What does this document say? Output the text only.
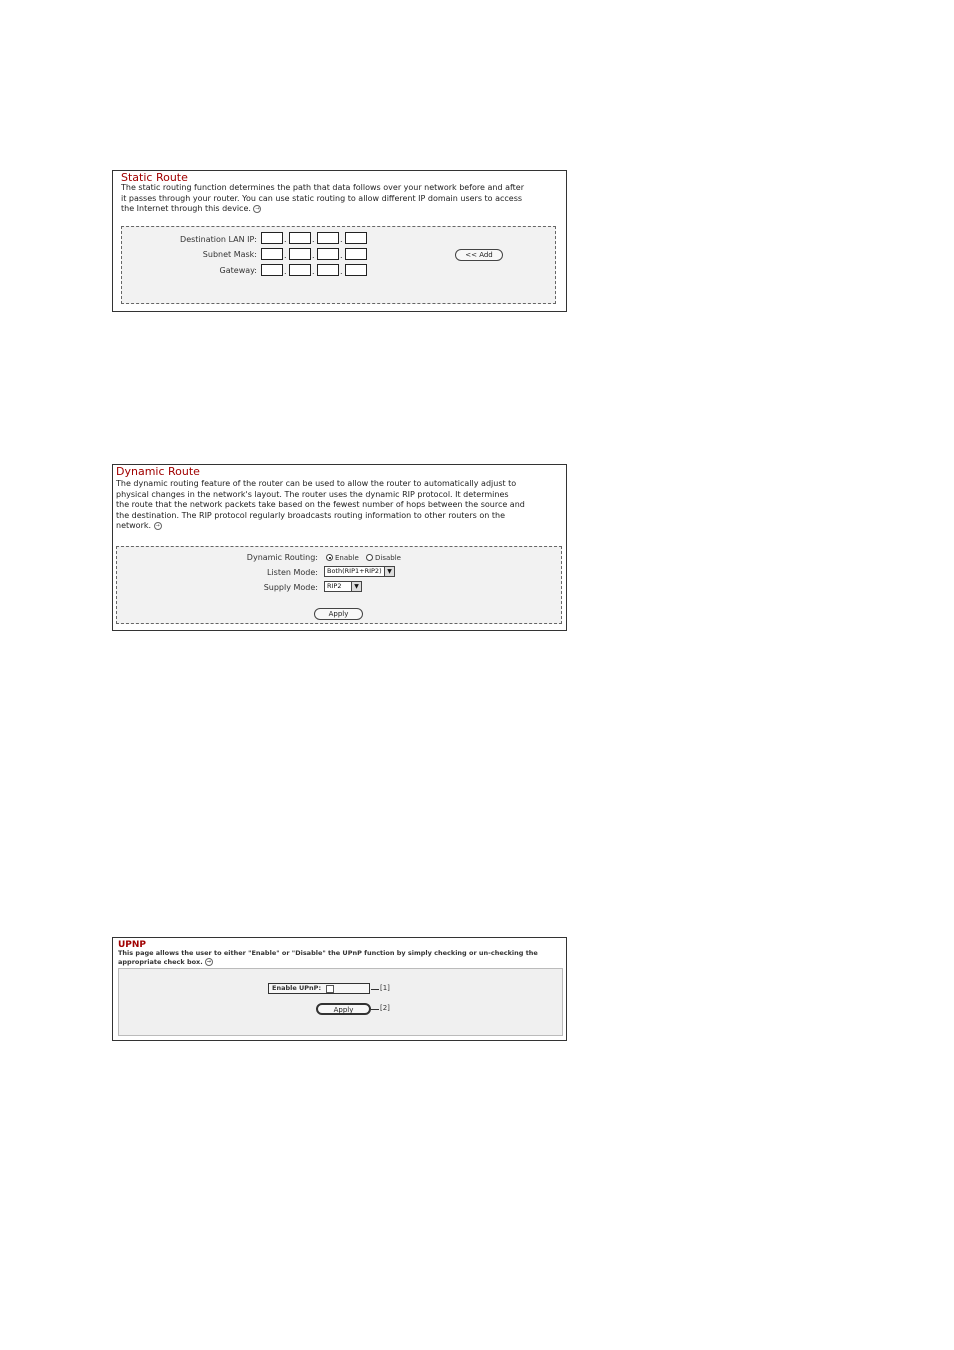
Static Route
The static routing function determines the path that data follows over your network before and after
it passes through your router. You can use static routing to allow different IP domain users to access
the Internet through this device. →
Destination LAN IP:	.	.	.
Subnet Mask:	.	.	.
Gateway:	.	.	.
<< Add
Dynamic Route
The dynamic routing feature of the router can be used to allow the router to automatically adjust to
physical changes in the network's layout. The router uses the dynamic RIP protocol. It determines
the route that the network packets take based on the fewest number of hops between the source and
the destination. The RIP protocol regularly broadcasts routing information to other routers on the
network. →
Dynamic Routing: Enable Disable
Listen Mode:	Both(RIP1+RIP2) ▼
Supply Mode:	RIP2	▼
Apply
UPNP
This page allows the user to either "Enable" or "Disable" the UPnP function by simply checking or un-checking the
appropriate check box. →
Enable UPnP:	[1]
Apply	[2]
